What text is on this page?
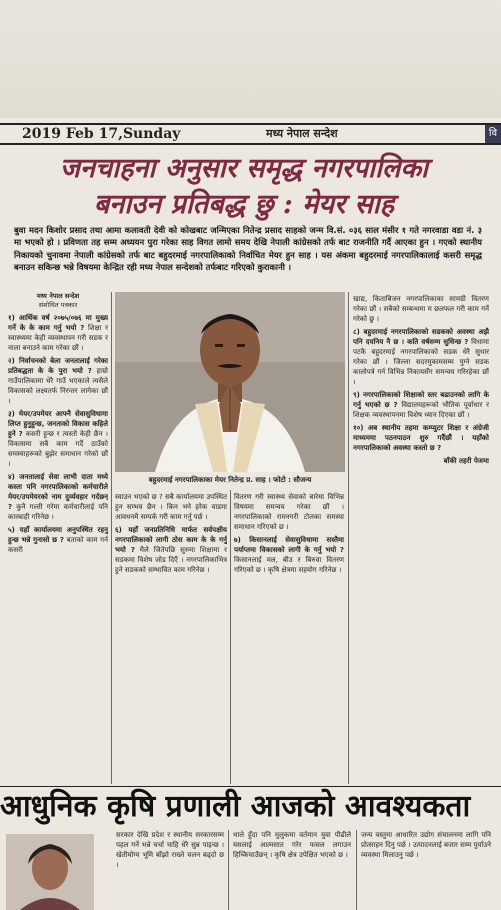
2019 Feb 17,Sunday	मध्य नेपाल सन्देश	वि
जनचाहना अनुसार समृद्ध नगरपालिका
बनाउन प्रतिबद्ध छु : मेयर साह
बुवा मदन किशोर प्रसाद तथा आमा कलावती देवी को कोखबाट जन्मिएका नितेन्द्र प्रसाद साहको जन्म वि.सं. ०३६ साल मंसीर १ गते नगरवाडा वडा नं. ३ मा भएको हो । प्रविणता तह सम्म अध्ययन पुरा गरेका साह विगत लामो समय देखि नेपाली कांग्रेसको तर्फ बाट राजनीति गर्दै आएका हुन । गएको स्थानीय निकायको चुनावमा नेपाली कांग्रेसको तर्फ बाट बहुदरमाई नगरपालिकाको निर्वाचित मेयर हुन साह । यस अंकमा बहुदरमाई नगरपालिकालाई कसरी समृद्ध बनाउन सकिन्छ भन्ने विषयमा केन्द्रित रही मध्य नेपाल सन्देशको तर्फबाट गरिएको कुराकानी ।
मध्य नेपाल सन्देश
संशोधित पत्रकार

१) आर्थिक वर्ष २०७५/०७६ मा मुख्य गर्ने के के काम गर्नु भयो ? शिक्षा र स्वास्थ्यमा केही व्यवस्थापन गरी सडक र नाला बनाउने काम गरेका छौं ।

२) निर्वाचनको बेला जनतालाई गरेका प्रतिबद्धता के के पुरा भयो ? हाम्रो गाउँपालिकामा धेरै गाउँ भएकाले त्यसैले विकासको लक्ष्यतर्फ निरन्तर लागेका छौं ।

३) मेयर/उपमेयर आफ्नै सेवासुविधामा लिप्त हुनुहुन्छ, जनताको विकास कहिले हुने ? कसरी हुन्छ र त्यस्तो केही छैन । विकासमा सबै काम गर्दै ठाउँको समस्याहरूको बुझेर समाधान गरेको छौं ।

४) जनतालाई सेवा लाभी दाता मध्ये कस्ता पनि नगरपालिकाको कर्मचारीले मेयर/उपमेयरको नाम दुर्व्यवहार गर्दछन् ? कुनै गल्ती गरेमा कर्मचारीलाई पनि कारबाही गरिनेछ ।

५) यहाँ कार्यालयमा अनुपस्थित रहनु हुन्छ भन्ने गुनासो छ ? बताको काम गर्न कसरी

बहुदरमाई नगरपालिकाका मेयर नितेन्द्र प्र. साह । फोटो : सौजन्य

स्वाउन भएको छ ? सबै कार्यालयमा उपस्थित हुन सम्भव छैन । किन भने हरेक वाडमा आवधनमै सम्पर्क गरी काम गर्नु पर्छ ।

६) यहाँ जनप्रतिनिधि मार्फत सर्वपक्षीय नगरपालिकाको लागी ठोस काम के के गर्नु भयो ? मैले जितेपछि सुरुमा शिक्षामा र सडकमा विशेष जोड दिएँ । नगरपालिकाभित्र हुने सडकको सम्भावित काम गरिनेछ ।

वितरण गरी स्वास्थ्य सेवाको बारेमा विभिन्न विषयमा समन्वय गरेका छौं । नगरपालिकाको रामनगरी टोलका समस्या समाधान गरिएको छ ।

७) किसानलाई सेवासुविधामा सस्तैमा पर्याप्तमा विकासको लागी के गर्नु भयो ? किसानलाई मल, बीउ र बिरुवा वितरण गरिएको छ । कृषि क्षेत्रमा सहयोग गरिनेछ ।

खाद्य, किताबिजन नगरपालिकाका सामग्री वितरण गरेका छौं । सबैको सम्बन्धमा म छलफल गरी काम गर्ने गरेको छु ।

८) बहुदरमाई नगरपालिकाको सडकको अवस्था अझै पनि दयनिय नै छ । कति वर्षसम्म सुधिन्छ ? विधामा पटकै बहुदरमाई नगरपालिकाको सडक धेरै सुधार गरेका छौं । जिल्ला सदरमुकामसम्म पुग्ने सडक कालोपत्रे गर्न विभिन्न निकायसँग समन्वय गरिरहेका छौं ।

९) नगरपालिकाको शिक्षाको स्तर बढाउनको लागि के गर्नु भएको छ ? विद्यालयहरूको भौतिक पूर्वाधार र शिक्षक व्यवस्थापनमा विशेष ध्यान दिएका छौं ।

१०) अब स्थानीय तहमा कम्प्युटर शिक्षा र अंग्रेजी माध्यममा पठनपाठन शुरु गर्दैछौं । यहाँको नगरपालिकाको अवस्था कस्तो छ ?

बाँकी तहरी पेजमा

आधुनिक कृषि प्रणाली आजको आवश्यकता
सरकार देखि प्रदेश र स्थानीय सरकारसम्म पहल गर्ने भन्ने चर्चा चाहि धेरै सुन्न पाइन्छ । खेतीयोग्य भूमि बाँझो राख्ने चलन बढ्दो छ ।
थाले हुँदा पनि मुलुकमा वर्तमान युवा पीढीले यसलाई आत्मसात गरेर फसल लगाउन हिच्किचाउँछन् । कृषि क्षेत्र उपेक्षित भएको छ ।
जन्य वस्तुमा आधारित उद्योग संचालनमा लागि पनि प्रोत्साहन दिनु पर्छ । उत्पादनलाई बजार सम्म पुर्याउने व्यवस्था मिलाउनु पर्छ ।
